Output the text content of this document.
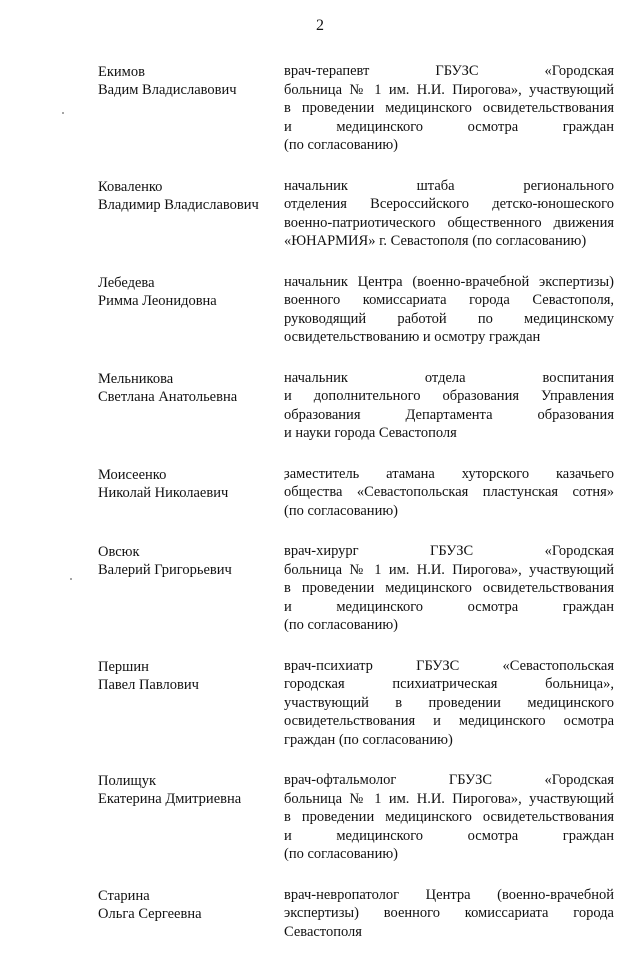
2
Екимов
Вадим Владиславович
врач-терапевт ГБУЗС «Городская
больница № 1 им. Н.И. Пирогова», участвующий
в проведении медицинского освидетельствования
и медицинского осмотра граждан
(по согласованию)
Коваленко
Владимир Владиславович
начальник штаба регионального
отделения Всероссийского детско-юношеского
военно-патриотического общественного движения
«ЮНАРМИЯ» г. Севастополя (по согласованию)
Лебедева
Римма Леонидовна
начальник Центра (военно-врачебной экспертизы)
военного комиссариата города Севастополя,
руководящий работой по медицинскому
освидетельствованию и осмотру граждан
Мельникова
Светлана Анатольевна
начальник отдела воспитания
и дополнительного образования Управления
образования Департамента образования
и науки города Севастополя
Моисеенко
Николай Николаевич
заместитель атамана хуторского казачьего
общества «Севастопольская пластунская сотня»
(по согласованию)
Овсюк
Валерий Григорьевич
врач-хирург ГБУЗС «Городская
больница № 1 им. Н.И. Пирогова», участвующий
в проведении медицинского освидетельствования
и медицинского осмотра граждан
(по согласованию)
Першин
Павел Павлович
врач-психиатр ГБУЗС «Севастопольская
городская психиатрическая больница»,
участвующий в проведении медицинского
освидетельствования и медицинского осмотра
граждан (по согласованию)
Полищук
Екатерина Дмитриевна
врач-офтальмолог ГБУЗС «Городская
больница № 1 им. Н.И. Пирогова», участвующий
в проведении медицинского освидетельствования
и медицинского осмотра граждан
(по согласованию)
Старина
Ольга Сергеевна
врач-невропатолог Центра (военно-врачебной
экспертизы) военного комиссариата города
Севастополя
